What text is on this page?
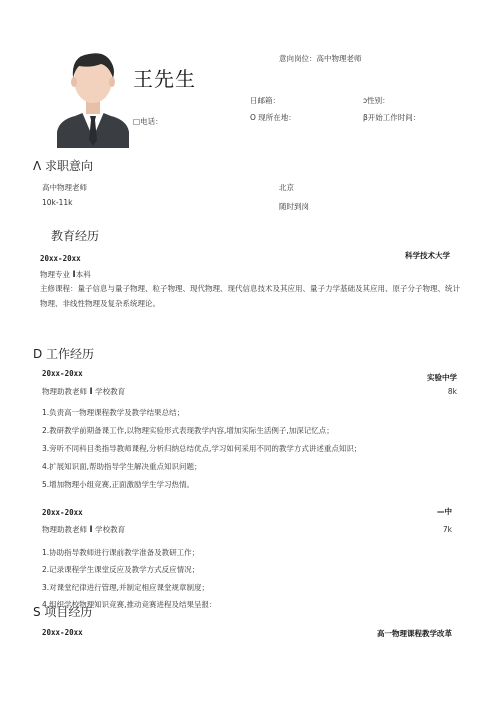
王先生
意向岗位：高中物理老师
日邮箱：	ↄ性别：
□电话：	O 现所在地：	β开始工作时间：
Λ 求职意向
高中物理老师	北京
10k-11k	随时到岗
教育经历
20xx-20xx	科学技术大学
物理专业 I本科
主修课程：量子信息与量子物理、粒子物理、现代物理、现代信息技术及其应用、量子力学基础及其应用、原子分子物理、统计物理、非线性物理及复杂系统理论。
D 工作经历
20xx-20xx	实验中学
物理助教老师 I 学校教育	8k
1.负责高一物理课程教学及教学结果总结；
2.教研教学前期备课工作,以物理实验形式表现教学内容,增加实际生活例子,加深记忆点；
3.旁听不同科目类指导教师课程,分析归纳总结优点,学习如何采用不同的教学方式讲述重点知识；
4.扩展知识面,帮助指导学生解决重点知识问题；
5.增加物理小组竞赛,正面激励学生学习热情。
20xx-20xx	—中
物理助教老师 I 学校教育	7k
1.协助指导教师进行课前教学准备及教研工作；
2.记录课程学生课堂反应及教学方式反应情况；
3.对课堂纪律进行管理,并制定相应课堂规章制度；
4.组织学校物理知识竞赛,推动竞赛进程及结果呈报：
S 项目经历
20xx-20xx	高一物理课程教学改革
